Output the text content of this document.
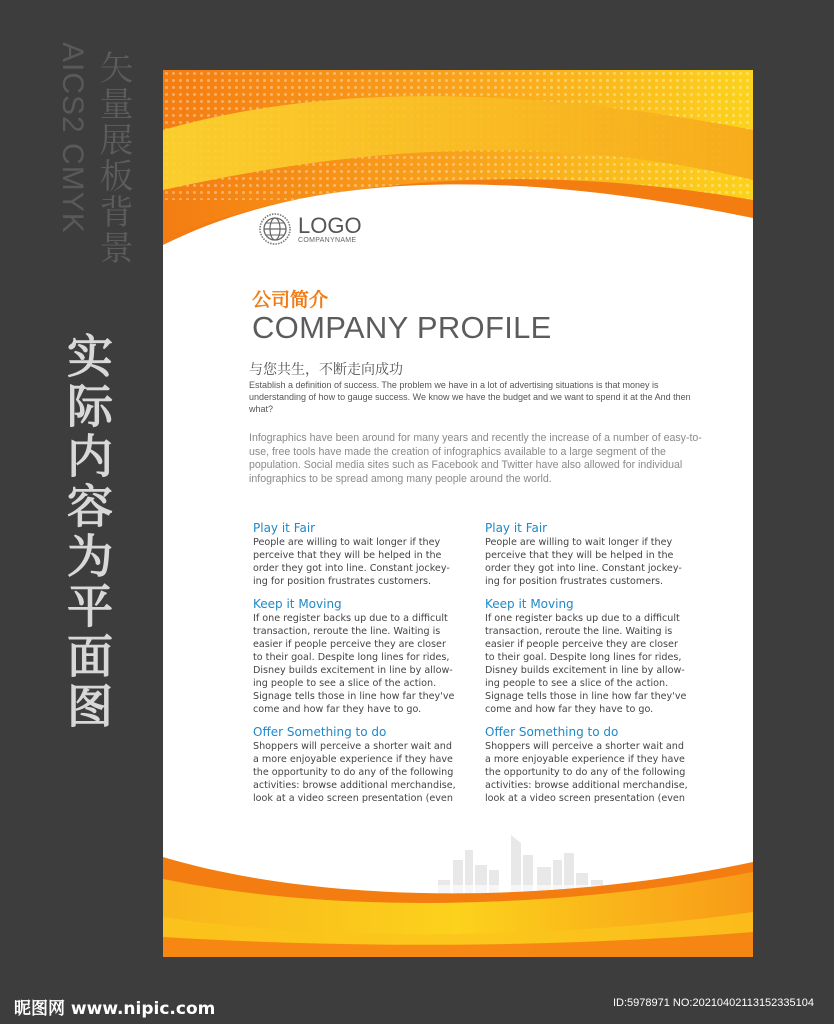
矢量展板背景
AICS2 CMYK
实际内容为平面图
LOGO
COMPANYNAME
公司简介
COMPANY PROFILE
与您共生，不断走向成功
Establish a definition of success. The problem we have in a lot of advertising situations is that money is understanding of how to gauge success. We know we have the budget and we want to spend it at the And then what?
Infographics have been around for many years and recently the increase of a number of easy-to-use, free tools have made the creation of infographics available to a large segment of the population. Social media sites such as Facebook and Twitter have also allowed for individual infographics to be spread among many people around the world.
Play it Fair
People are willing to wait longer if they
perceive that they will be helped in the
order they got into line. Constant jockey-
ing for position frustrates customers.
Keep it Moving
If one register backs up due to a difficult
transaction, reroute the line. Waiting is
easier if people perceive they are closer
to their goal. Despite long lines for rides,
Disney builds excitement in line by allow-
ing people to see a slice of the action.
Signage tells those in line how far they've
come and how far they have to go.
Offer Something to do
Shoppers will perceive a shorter wait and
a more enjoyable experience if they have
the opportunity to do any of the following
activities: browse additional merchandise,
look at a video screen presentation (even
Play it Fair
People are willing to wait longer if they
perceive that they will be helped in the
order they got into line. Constant jockey-
ing for position frustrates customers.
Keep it Moving
If one register backs up due to a difficult
transaction, reroute the line. Waiting is
easier if people perceive they are closer
to their goal. Despite long lines for rides,
Disney builds excitement in line by allow-
ing people to see a slice of the action.
Signage tells those in line how far they've
come and how far they have to go.
Offer Something to do
Shoppers will perceive a shorter wait and
a more enjoyable experience if they have
the opportunity to do any of the following
activities: browse additional merchandise,
look at a video screen presentation (even
昵图网 www.nipic.com	ID:5978971 NO:20210402113152335104
